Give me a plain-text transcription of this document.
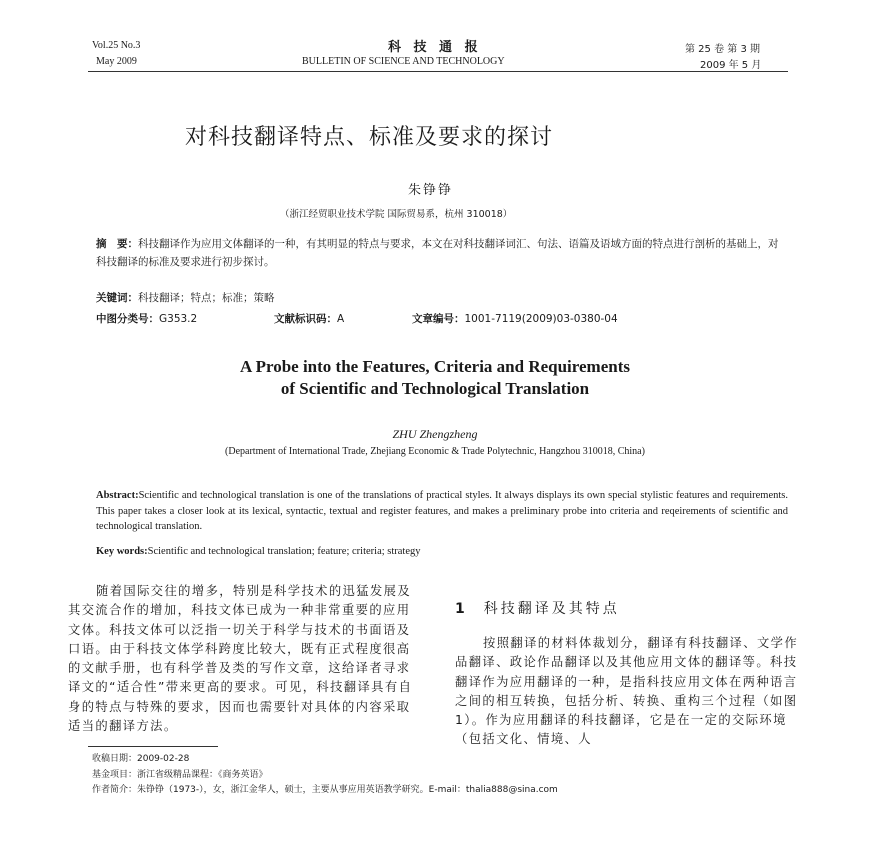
Vol.25 No.3
May 2009
科 技 通 报
BULLETIN OF SCIENCE AND TECHNOLOGY
第 25 卷 第 3 期
2009 年 5 月
对科技翻译特点、标准及要求的探讨
朱铮铮
（浙江经贸职业技术学院 国际贸易系，杭州 310018）
摘　要：科技翻译作为应用文体翻译的一种，有其明显的特点与要求，本文在对科技翻译词汇、句法、语篇及语域方面的特点进行剖析的基础上，对科技翻译的标准及要求进行初步探讨。
关键词：科技翻译；特点；标准；策略
中图分类号：G353.2	文献标识码：A	文章编号：1001-7119(2009)03-0380-04
A Probe into the Features, Criteria and Requirements
of Scientific and Technological Translation
ZHU Zhengzheng
(Department of International Trade, Zhejiang Economic & Trade Polytechnic, Hangzhou 310018, China)
Abstract:Scientific and technological translation is one of the translations of practical styles. It always displays its own special stylistic features and requirements. This paper takes a closer look at its lexical, syntactic, textual and register features, and makes a preliminary probe into criteria and reqeirements of scientific and technological translation.
Key words:Scientific and technological translation; feature; criteria; strategy
随着国际交往的增多，特别是科学技术的迅猛发展及其交流合作的增加，科技文体已成为一种非常重要的应用文体。科技文体可以泛指一切关于科学与技术的书面语及口语。由于科技文体学科跨度比较大，既有正式程度很高的文献手册，也有科学普及类的写作文章，这给译者寻求译文的“适合性”带来更高的要求。可见，科技翻译具有自身的特点与特殊的要求，因而也需要针对具体的内容采取适当的翻译方法。
1 科技翻译及其特点
按照翻译的材料体裁划分，翻译有科技翻译、文学作品翻译、政论作品翻译以及其他应用文体的翻译等。科技翻译作为应用翻译的一种，是指科技应用文体在两种语言之间的相互转换，包括分析、转换、重构三个过程（如图1）。作为应用翻译的科技翻译，它是在一定的交际环境（包括文化、情境、人
收稿日期：2009-02-28
基金项目：浙江省级精品课程：《商务英语》
作者简介：朱铮铮（1973-），女，浙江金华人，硕士，主要从事应用英语教学研究。E-mail：thalia888@sina.com
